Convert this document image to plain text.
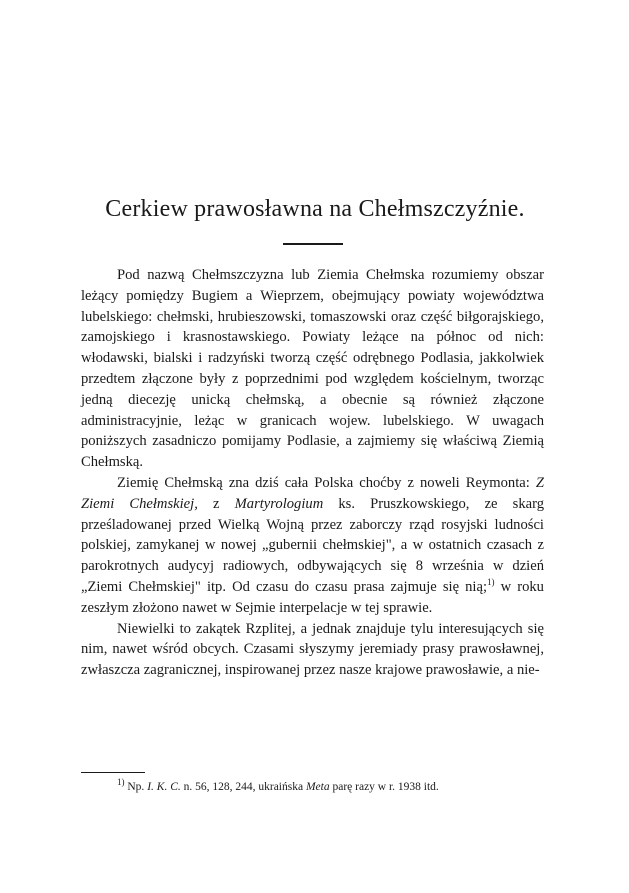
Cerkiew prawosławna na Chełmszczyźnie.

Pod nazwą Chełmszczyzna lub Ziemia Chełmska rozumiemy obszar leżący pomiędzy Bugiem a Wieprzem, obejmujący powiaty województwa lubelskiego: chełmski, hrubieszowski, tomaszowski oraz część biłgorajskiego, zamojskiego i krasnostawskiego. Powiaty leżące na północ od nich: włodawski, bialski i radzyński tworzą część odrębnego Podlasia, jakkolwiek przedtem złączone były z poprzednimi pod względem kościelnym, tworząc jedną diecezję unicką chełmską, a obecnie są również złączone administracyjnie, leżąc w granicach wojew. lubelskiego. W uwagach poniższych zasadniczo pomijamy Podlasie, a zajmiemy się właściwą Ziemią Chełmską.

Ziemię Chełmską zna dziś cała Polska choćby z noweli Reymonta: Z Ziemi Chełmskiej, z Martyrologium ks. Pruszkowskiego, ze skarg prześladowanej przed Wielką Wojną przez zaborczy rząd rosyjski ludności polskiej, zamykanej w nowej „gubernii chełmskiej", a w ostatnich czasach z parokrotnych audycyj radiowych, odbywających się 8 września w dzień „Ziemi Chełmskiej" itp. Od czasu do czasu prasa zajmuje się nią;$^{1)}$ w roku zeszłym złożono nawet w Sejmie interpelacje w tej sprawie.

Niewielki to zakątek Rzplitej, a jednak znajduje tylu interesujących się nim, nawet wśród obcych. Czasami słyszymy jeremiady prasy prawosławnej, zwłaszcza zagranicznej, inspirowanej przez nasze krajowe prawosławie, a nie-

$^{1)}$ Np. I. K. C. n. 56, 128, 244, ukraińska Meta parę razy w r. 1938 itd.
